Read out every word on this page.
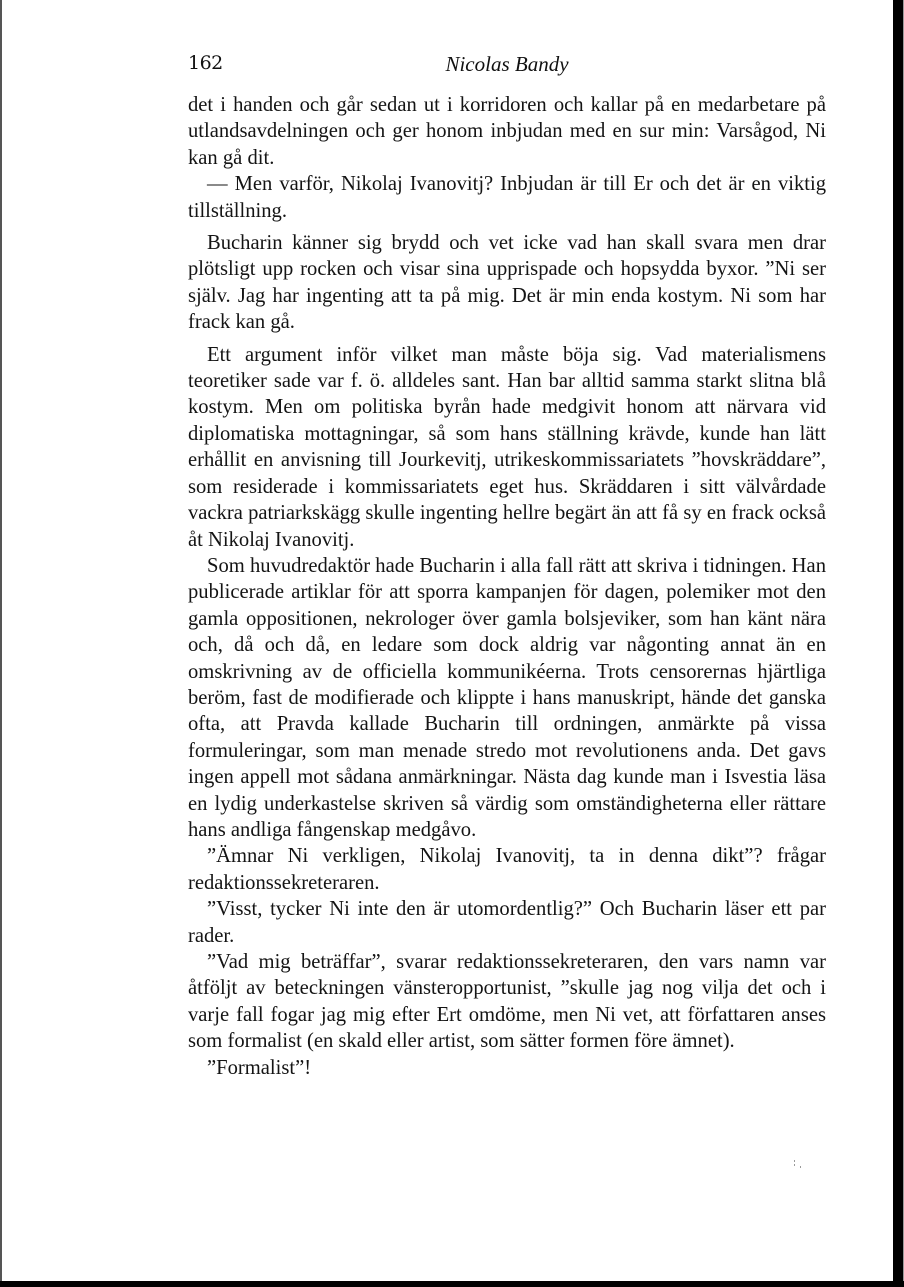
162	Nicolas Bandy

det i handen och går sedan ut i korridoren och kallar på en medarbetare på utlandsavdelningen och ger honom inbjudan med en sur min: Varsågod, Ni kan gå dit.

— Men varför, Nikolaj Ivanovitj? Inbjudan är till Er och det är en viktig tillställning.

Bucharin känner sig brydd och vet icke vad han skall svara men drar plötsligt upp rocken och visar sina upprispade och hopsydda byxor. ”Ni ser själv. Jag har ingenting att ta på mig. Det är min enda kostym. Ni som har frack kan gå.

Ett argument inför vilket man måste böja sig. Vad materialismens teoretiker sade var f. ö. alldeles sant. Han bar alltid samma starkt slitna blå kostym. Men om politiska byrån hade medgivit honom att närvara vid diplomatiska mottagningar, så som hans ställning krävde, kunde han lätt erhållit en anvisning till Jourkevitj, utrikeskommissariatets ”hovskräddare”, som residerade i kommissariatets eget hus. Skräddaren i sitt välvårdade vackra patriarkskägg skulle ingenting hellre begärt än att få sy en frack också åt Nikolaj Ivanovitj.

Som huvudredaktör hade Bucharin i alla fall rätt att skriva i tidningen. Han publicerade artiklar för att sporra kampanjen för dagen, polemiker mot den gamla oppositionen, nekrologer över gamla bolsjeviker, som han känt nära och, då och då, en ledare som dock aldrig var någonting annat än en omskrivning av de officiella kommunikéerna. Trots censorernas hjärtliga beröm, fast de modifierade och klippte i hans manuskript, hände det ganska ofta, att Pravda kallade Bucharin till ordningen, anmärkte på vissa formuleringar, som man menade stredo mot revolutionens anda. Det gavs ingen appell mot sådana anmärkningar. Nästa dag kunde man i Isvestia läsa en lydig underkastelse skriven så värdig som omständigheterna eller rättare hans andliga fångenskap medgåvo.

”Ämnar Ni verkligen, Nikolaj Ivanovitj, ta in denna dikt”? frågar redaktionssekreteraren.

”Visst, tycker Ni inte den är utomordentlig?” Och Bucharin läser ett par rader.

”Vad mig beträffar”, svarar redaktionssekreteraren, den vars namn var åtföljt av beteckningen vänsteropportunist, ”skulle jag nog vilja det och i varje fall fogar jag mig efter Ert omdöme, men Ni vet, att författaren anses som formalist (en skald eller artist, som sätter formen före ämnet).

”Formalist”!
